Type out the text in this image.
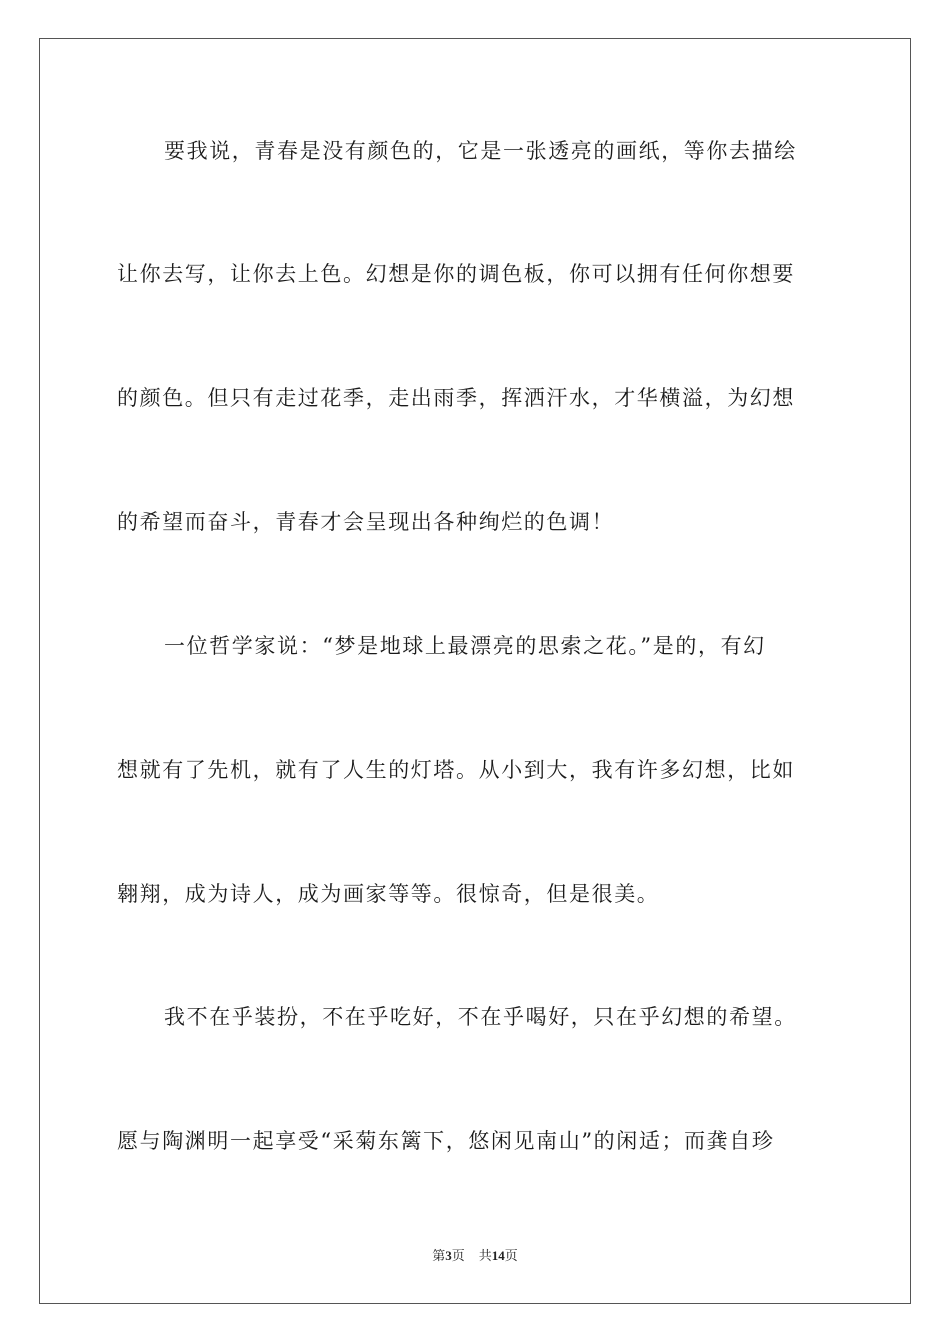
要我说，青春是没有颜色的，它是一张透亮的画纸，等你去描绘
让你去写，让你去上色。幻想是你的调色板，你可以拥有任何你想要
的颜色。但只有走过花季，走出雨季，挥洒汗水，才华横溢，为幻想
的希望而奋斗，青春才会呈现出各种绚烂的色调！
一位哲学家说：“梦是地球上最漂亮的思索之花。”是的，有幻
想就有了先机，就有了人生的灯塔。从小到大，我有许多幻想，比如
翱翔，成为诗人，成为画家等等。很惊奇，但是很美。
我不在乎装扮，不在乎吃好，不在乎喝好，只在乎幻想的希望。
愿与陶渊明一起享受“采菊东篱下，悠闲见南山”的闲适；而龚自珍
第3页 共14页
